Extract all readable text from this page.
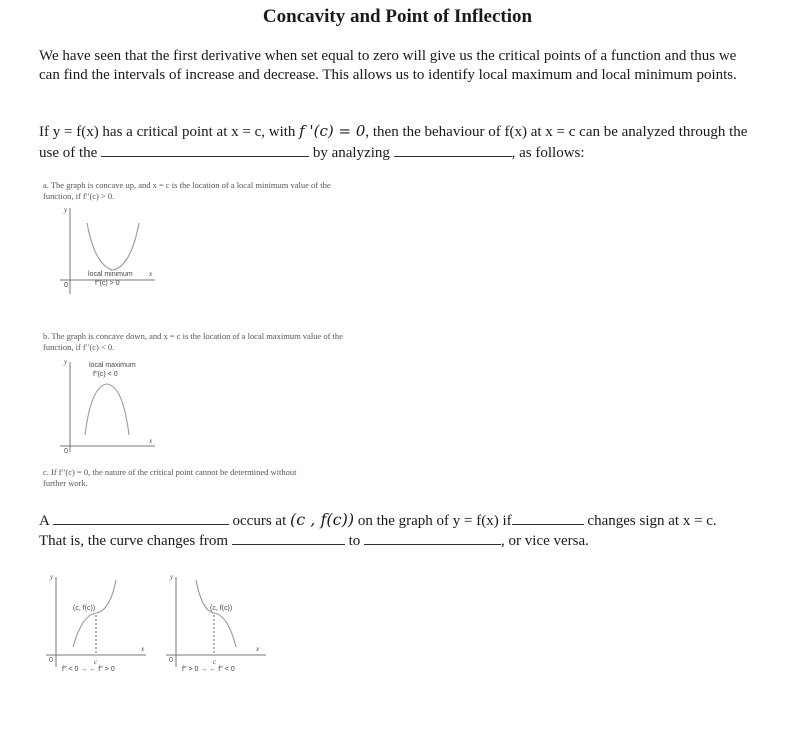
Concavity and Point of Inflection
We have seen that the first derivative when set equal to zero will give us the critical points of a function and thus we can find the intervals of increase and decrease. This allows us to identify local maximum and local minimum points.
If y = f(x) has a critical point at x = c, with f '(c) = 0, then the behaviour of f(x) at x = c can be analyzed through the use of the	by analyzing	, as follows:
a. The graph is concave up, and x = c is the location of a local minimum value of the function, if f′′(c) > 0.
y
x
0
local minimum
f′′(c) > 0
b. The graph is concave down, and x = c is the location of a local maximum value of the function, if f′′(c) < 0.
y
x
0
local maximum
f′′(c) < 0
c. If f′′(c) = 0, the nature of the critical point cannot be determined without further work.
A	occurs at (c , f(c)) on the graph of y = f(x) if	changes sign at x = c.
That is, the curve changes from	to	, or vice versa.
y
x
0
(c, f(c))
c
f′′ < 0 → ← f′′ > 0
y
x
0
(c, f(c))
c
f′′ > 0 → ← f′′ < 0
